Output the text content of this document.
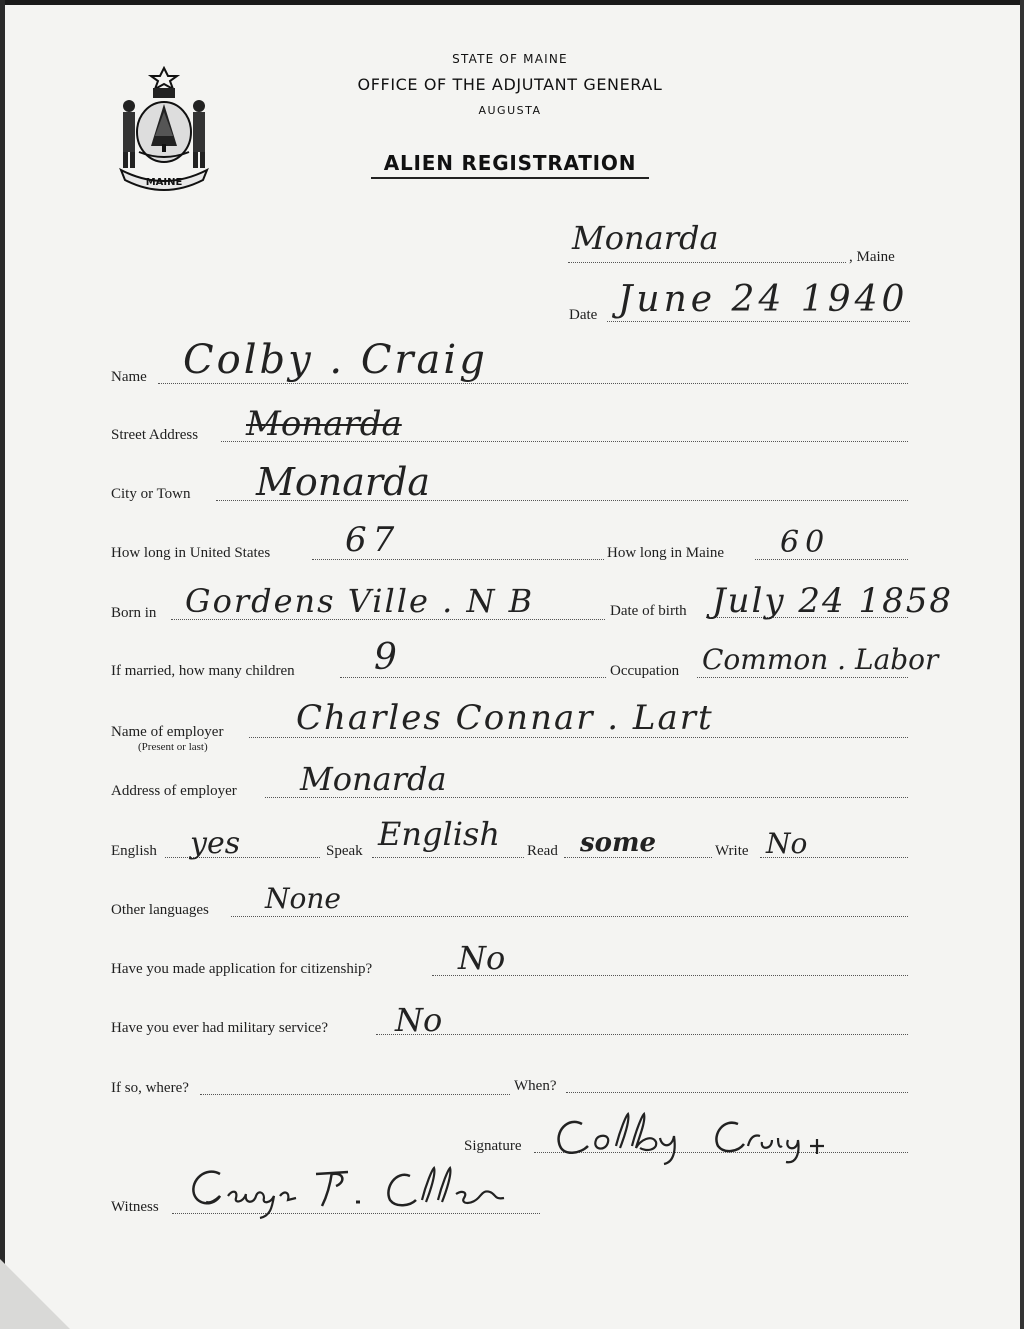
MAINE
STATE OF MAINE
OFFICE OF THE ADJUTANT GENERAL
AUGUSTA
ALIEN REGISTRATION
Monarda	, Maine
Date June 24 1940
Name Colby . Craig
Street Address Monarda
City or Town Monarda
How long in United States 67	How long in Maine 60
Born in Gordens Ville . N B	Date of birth July 24 1858
If married, how many children 9	Occupation Common . Labor
Name of employer
(Present or last)
Charles Connar . Lart
Address of employer Monarda
English yes	Speak English Read some	Write No
Other languages None
Have you made application for citizenship?	No
Have you ever had military service? No
If so, where?	When?
Signature
Witness
